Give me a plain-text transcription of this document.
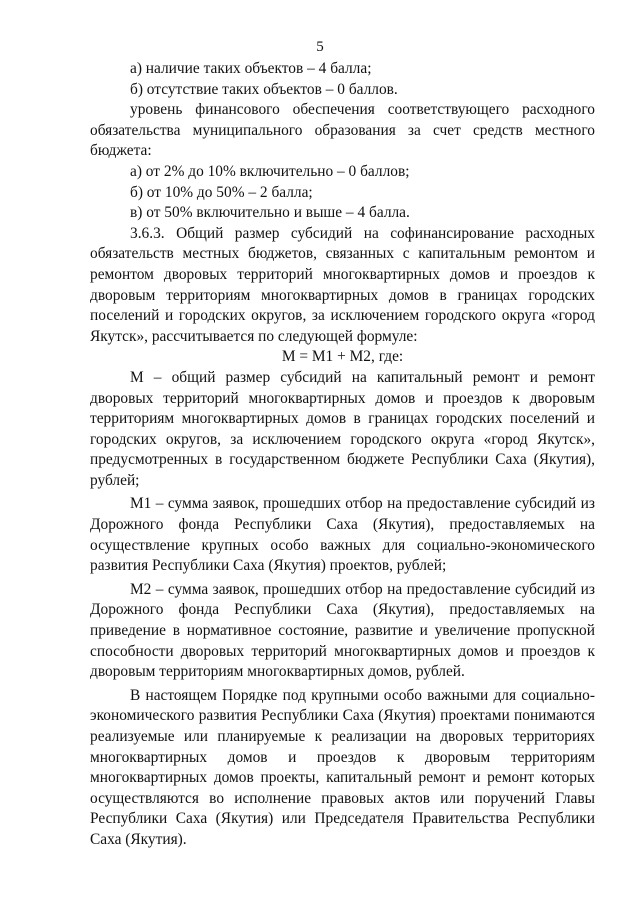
5

а) наличие таких объектов – 4 балла;

б) отсутствие таких объектов – 0 баллов.

уровень финансового обеспечения соответствующего расходного обязательства муниципального образования за счет средств местного бюджета:

а) от 2% до 10% включительно – 0 баллов;

б) от 10% до 50% – 2 балла;

в) от 50% включительно и выше – 4 балла.

3.6.3. Общий размер субсидий на софинансирование расходных обязательств местных бюджетов, связанных с капитальным ремонтом и ремонтом дворовых территорий многоквартирных домов и проездов к дворовым территориям многоквартирных домов в границах городских поселений и городских округов, за исключением городского округа «город Якутск», рассчитывается по следующей формуле:

М = М1 + М2, где:

М – общий размер субсидий на капитальный ремонт и ремонт дворовых территорий многоквартирных домов и проездов к дворовым территориям многоквартирных домов в границах городских поселений и городских округов, за исключением городского округа «город Якутск», предусмотренных в государственном бюджете Республики Саха (Якутия), рублей;

М1 – сумма заявок, прошедших отбор на предоставление субсидий из Дорожного фонда Республики Саха (Якутия), предоставляемых на осуществление крупных особо важных для социально-экономического развития Республики Саха (Якутия) проектов, рублей;

М2 – сумма заявок, прошедших отбор на предоставление субсидий из Дорожного фонда Республики Саха (Якутия), предоставляемых на приведение в нормативное состояние, развитие и увеличение пропускной способности дворовых территорий многоквартирных домов и проездов к дворовым территориям многоквартирных домов, рублей.

В настоящем Порядке под крупными особо важными для социально-экономического развития Республики Саха (Якутия) проектами понимаются реализуемые или планируемые к реализации на дворовых территориях многоквартирных домов и проездов к дворовым территориям многоквартирных домов проекты, капитальный ремонт и ремонт которых осуществляются во исполнение правовых актов или поручений Главы Республики Саха (Якутия) или Председателя Правительства Республики Саха (Якутия).
